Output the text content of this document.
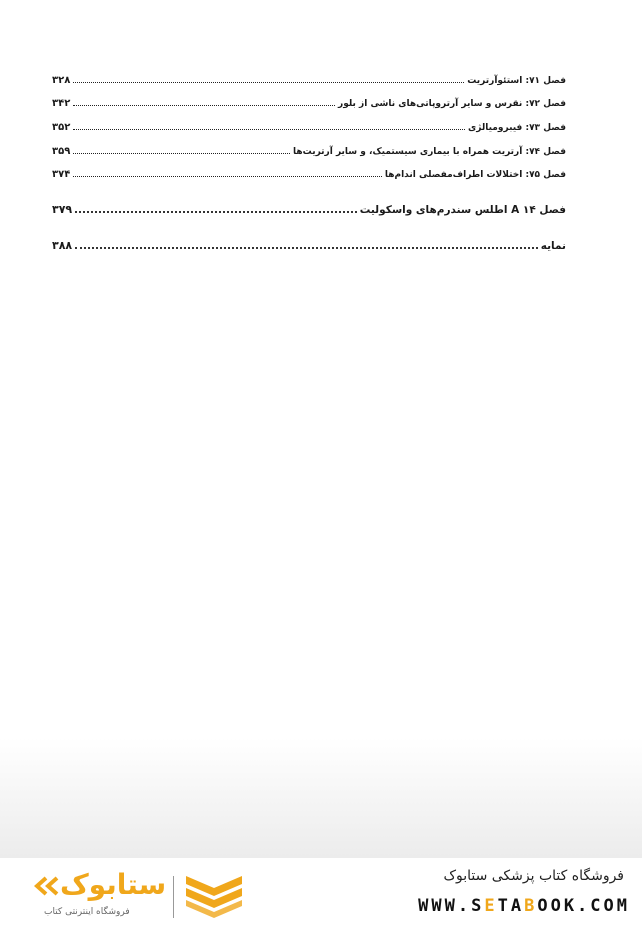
فصل ۷۱: استئوآرتریت
۳۲۸
فصل ۷۲: نقرس و سایر آرتروپاتی‌های ناشی از بلور
۳۴۲
فصل ۷۳: فیبرومیالژی
۳۵۲
فصل ۷۴: آرتریت همراه با بیماری سیستمیک، و سایر آرتریت‌ها
۳۵۹
فصل ۷۵: اختلالات اطراف‌مفصلی اندام‌ها
۳۷۴
فصل ۱۴ A اطلس سندرم‌های واسکولیت
۳۷۹
نمایه
۳۸۸
ستابوک
فروشگاه اینترنتی کتاب
فروشگاه کتاب پزشکی ستابوک
WWW.SETABOOK.COM
